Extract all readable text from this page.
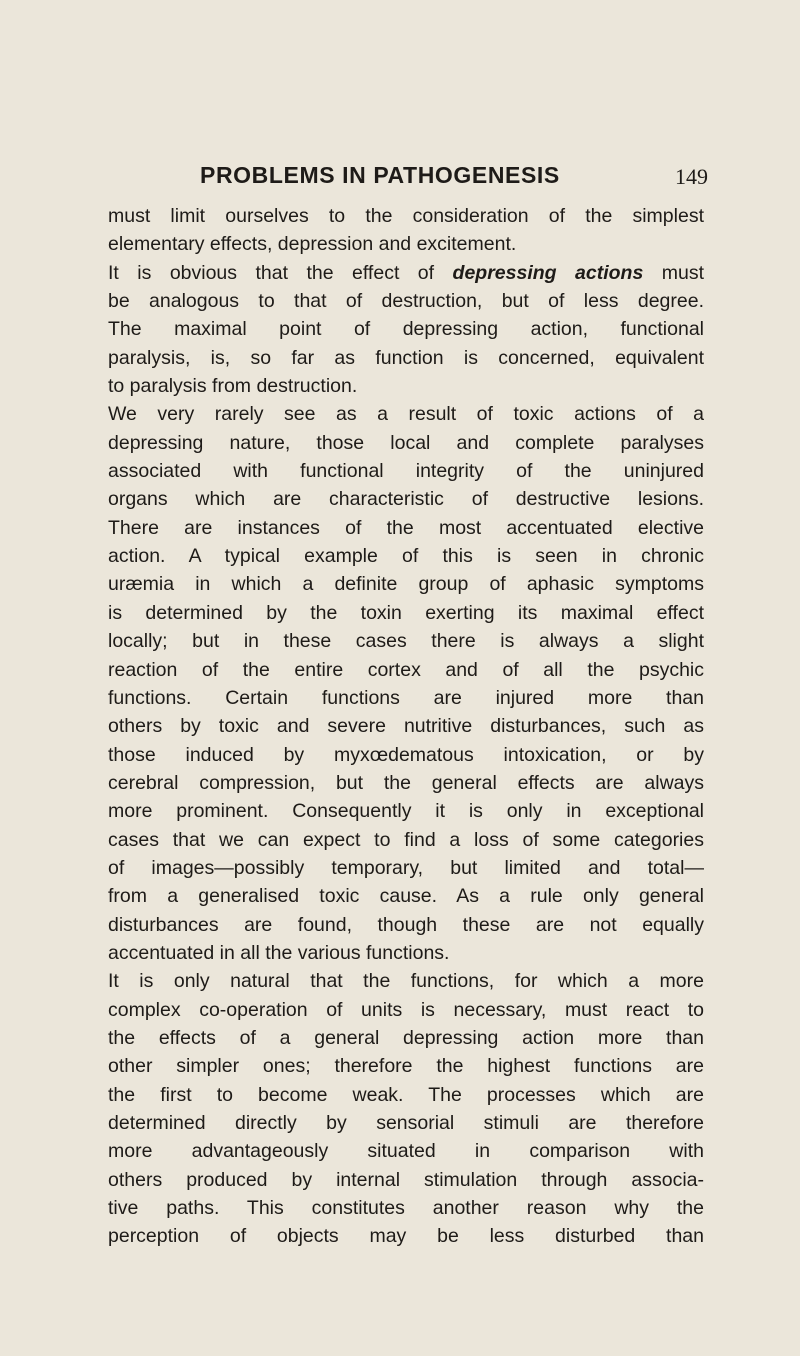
PROBLEMS IN PATHOGENESIS	149
must limit ourselves to the consideration of the simplest
elementary effects, depression and excitement.
It is obvious that the effect of depressing actions must
be analogous to that of destruction, but of less degree.
The maximal point of depressing action, functional
paralysis, is, so far as function is concerned, equivalent
to paralysis from destruction.
We very rarely see as a result of toxic actions of a
depressing nature, those local and complete paralyses
associated with functional integrity of the uninjured
organs which are characteristic of destructive lesions.
There are instances of the most accentuated elective
action. A typical example of this is seen in chronic
uræmia in which a definite group of aphasic symptoms
is determined by the toxin exerting its maximal effect
locally; but in these cases there is always a slight
reaction of the entire cortex and of all the psychic
functions. Certain functions are injured more than
others by toxic and severe nutritive disturbances, such as
those induced by myxœdematous intoxication, or by
cerebral compression, but the general effects are always
more prominent. Consequently it is only in exceptional
cases that we can expect to find a loss of some categories
of images—possibly temporary, but limited and total—
from a generalised toxic cause. As a rule only general
disturbances are found, though these are not equally
accentuated in all the various functions.
It is only natural that the functions, for which a more
complex co-operation of units is necessary, must react to
the effects of a general depressing action more than
other simpler ones; therefore the highest functions are
the first to become weak. The processes which are
determined directly by sensorial stimuli are therefore
more advantageously situated in comparison with
others produced by internal stimulation through associa-
tive paths. This constitutes another reason why the
perception of objects may be less disturbed than
